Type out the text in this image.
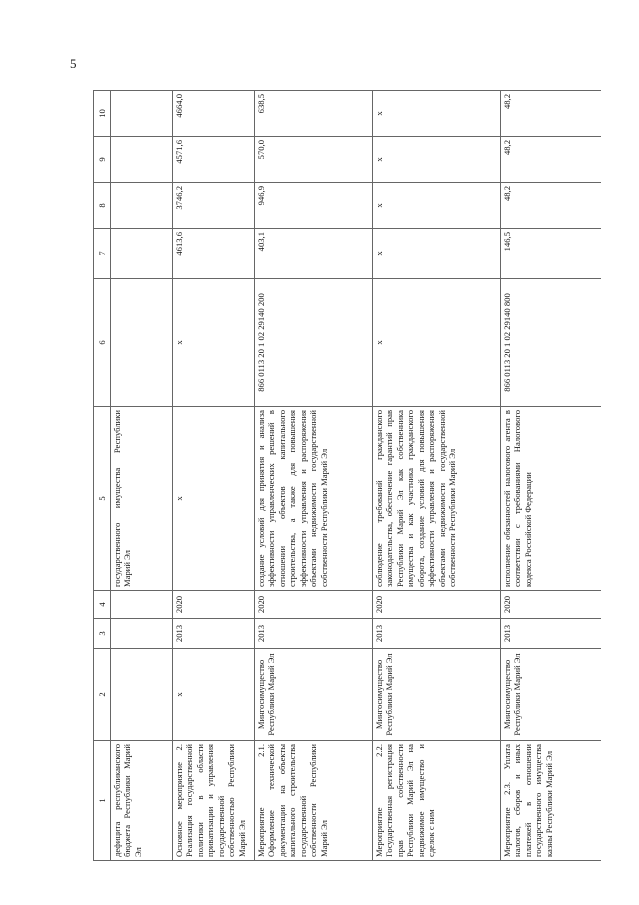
5
1	2	3	4	5	6	7	8	9	10
дефицита республиканского бюджета Республики Марий Эл				государственного имущества Республики Марий Эл					
Основное мероприятие 2. Реализация государственной политики в области приватизации и управления государственной собственностью Республики Марий Эл	x	2013	2020	x	x	4613,6	3746,2	4571,6	4664,0
Мероприятие 2.1. Оформление технической документации на объекты капитального строительства государственной собственности Республики Марий Эл	Мингосимущество Республики Марий Эл	2013	2020	создание условий для принятия и анализа эффективности управленческих решений в отношении объектов капитального строительства, а также для повышения эффективности управления и распоряжения объектами недвижимости государственной собственности Республики Марий Эл	866 0113 20 1 02 29140 200	403,1	946,9	570,0	638,5
Мероприятие 2.2. Государственная регистрация прав собственности Республики Марий Эл на недвижимое имущество и сделок с ним	Мингосимущество Республики Марий Эл	2013	2020	соблюдение требований гражданского законодательства, обеспечение гарантий прав Республики Марий Эл как собственника имущества и как участника гражданского оборота, создание условий для повышения эффективности управления и распоряжения объектами недвижимости государственной собственности Республики Марий Эл	x	x	x	x	x
Мероприятие 2.3. Уплата налогов, сборов и иных платежей в отношении государственного имущества казны Республики Марий Эл	Мингосимущество Республики Марий Эл	2013	2020	исполнение обязанностей налогового агента в соответствии с требованиями Налогового кодекса Российской Федерации	866 0113 20 1 02 29140 800	146,5	48,2	48,2	48,2
